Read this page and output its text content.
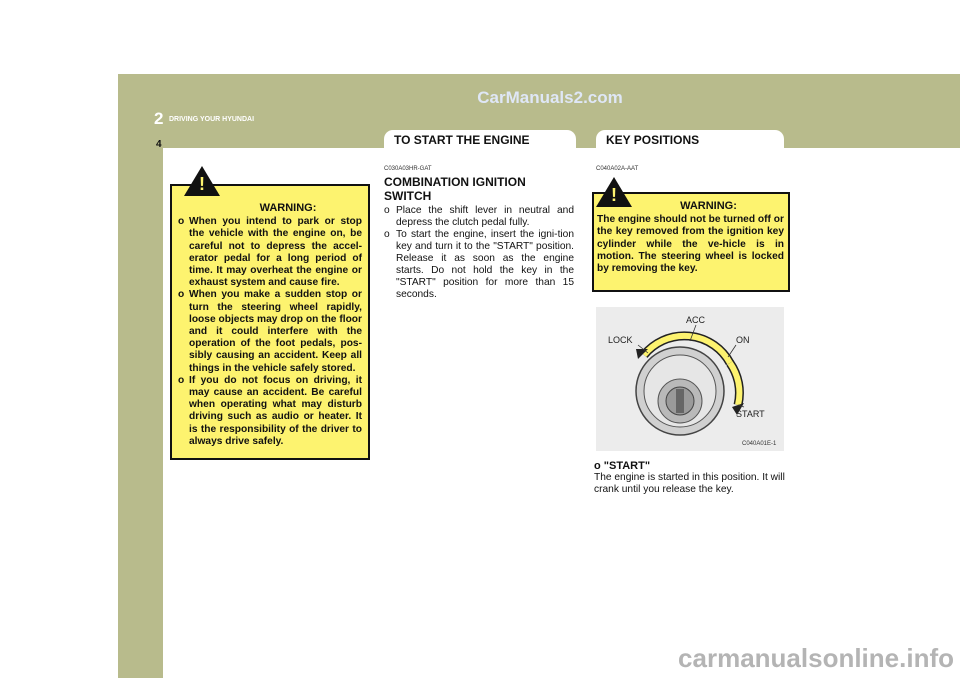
CarManuals2.com
2 DRIVING YOUR HYUNDAI
4	TO START THE ENGINE	KEY POSITIONS
WARNING:
o When you intend to park or stop the vehicle with the engine on, be careful not to depress the accel-erator pedal for a long period of time. It may overheat the engine or exhaust system and cause fire.
o When you make a sudden stop or turn the steering wheel rapidly, loose objects may drop on the floor and it could interfere with the operation of the foot pedals, pos-sibly causing an accident. Keep all things in the vehicle safely stored.
o If you do not focus on driving, it may cause an accident. Be careful when operating what may disturb driving such as audio or heater. It is the responsibility of the driver to always drive safely.
!
C030A03HR-GAT
COMBINATION IGNITION SWITCH
o Place the shift lever in neutral and depress the clutch pedal fully.
o To start the engine, insert the igni-tion key and turn it to the "START" position. Release it as soon as the engine starts. Do not hold the key in the "START" position for more than 15 seconds.
C040A02A-AAT
WARNING:

The engine should not be turned off or the key removed from the ignition key cylinder while the ve-hicle is in motion. The steering wheel is locked by removing the key.

!
LOCK
ACC
ON
START
C040A01E-1
o "START"
The engine is started in this position. It will crank until you release the key.
carmanualsonline.info
